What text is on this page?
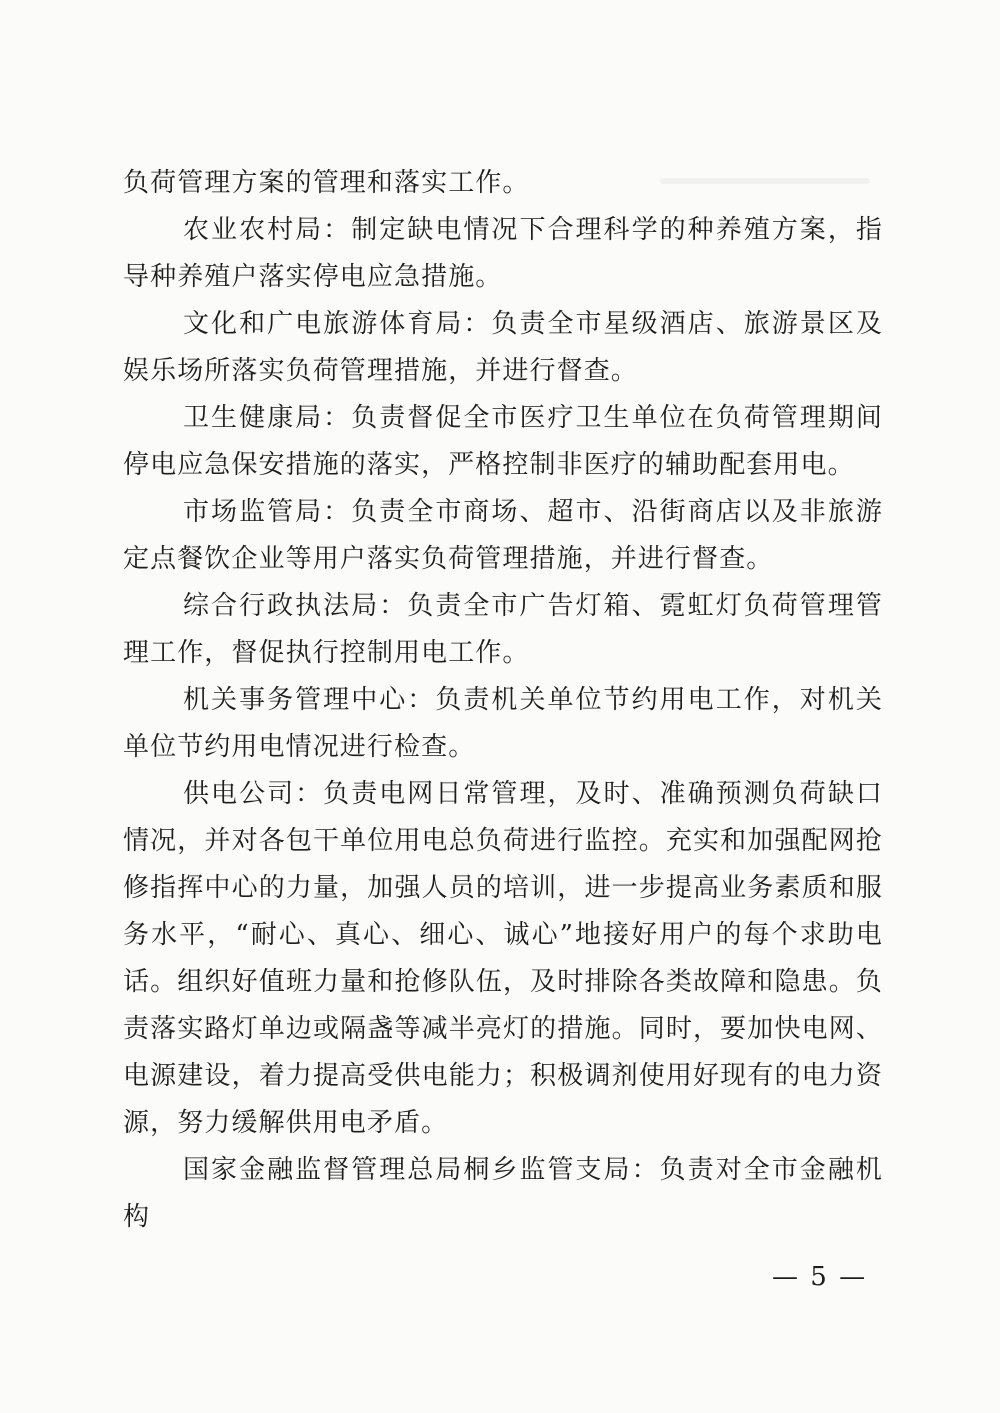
负荷管理方案的管理和落实工作。

农业农村局：制定缺电情况下合理科学的种养殖方案，指导种养殖户落实停电应急措施。

文化和广电旅游体育局：负责全市星级酒店、旅游景区及娱乐场所落实负荷管理措施，并进行督查。

卫生健康局：负责督促全市医疗卫生单位在负荷管理期间停电应急保安措施的落实，严格控制非医疗的辅助配套用电。

市场监管局：负责全市商场、超市、沿街商店以及非旅游定点餐饮企业等用户落实负荷管理措施，并进行督查。

综合行政执法局：负责全市广告灯箱、霓虹灯负荷管理管理工作，督促执行控制用电工作。

机关事务管理中心：负责机关单位节约用电工作，对机关单位节约用电情况进行检查。

供电公司：负责电网日常管理，及时、准确预测负荷缺口情况，并对各包干单位用电总负荷进行监控。充实和加强配网抢修指挥中心的力量，加强人员的培训，进一步提高业务素质和服务水平，“耐心、真心、细心、诚心”地接好用户的每个求助电话。组织好值班力量和抢修队伍，及时排除各类故障和隐患。负责落实路灯单边或隔盏等减半亮灯的措施。同时，要加快电网、电源建设，着力提高受供电能力；积极调剂使用好现有的电力资源，努力缓解供用电矛盾。

国家金融监督管理总局桐乡监管支局：负责对全市金融机构

— 5 —
